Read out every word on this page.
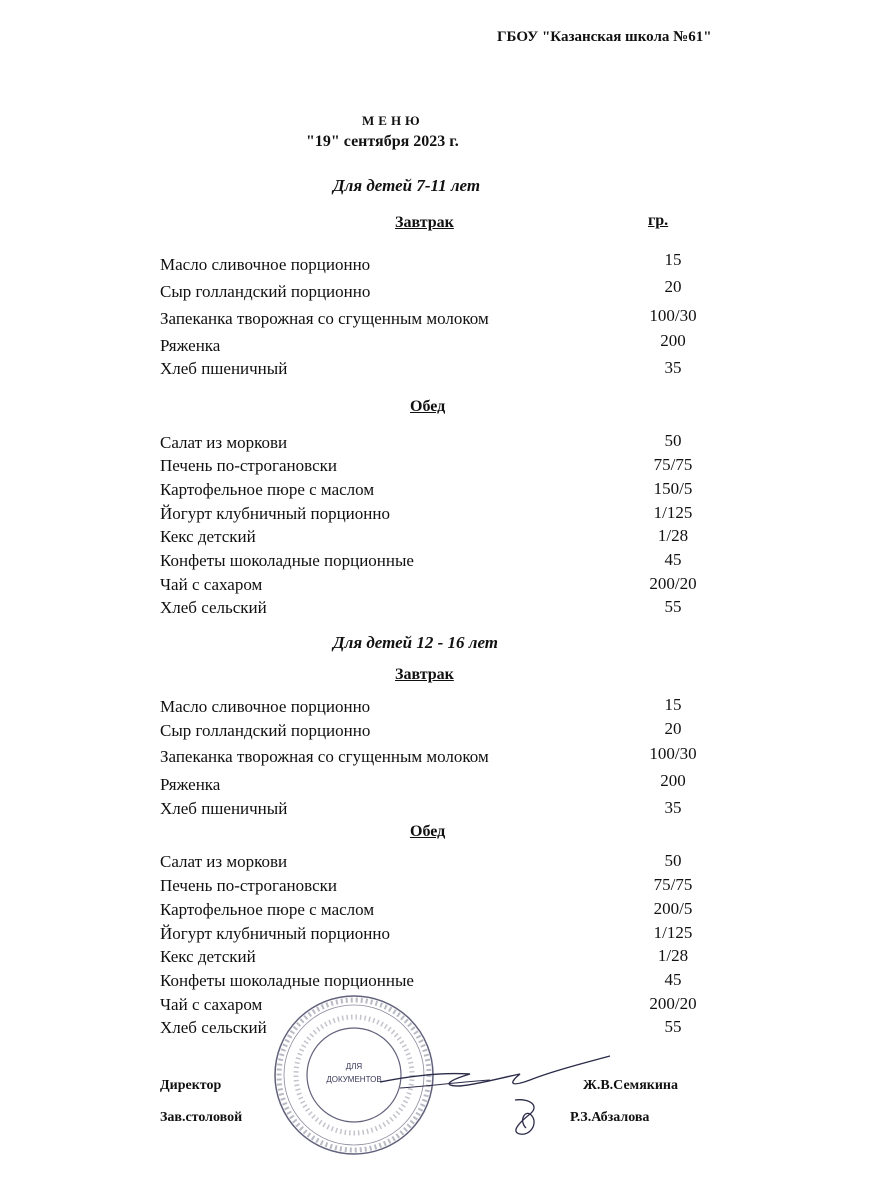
ГБОУ "Казанская школа №61"
МЕНЮ
"19" сентября 2023 г.
Для детей 7-11 лет
Завтрак	гр.
Масло сливочное порционно	15
Сыр голландский порционно	20
Запеканка творожная со сгущенным молоком	100/30
Ряженка	200
Хлеб пшеничный	35
Обед
Салат из моркови	50
Печень по-строгановски	75/75
Картофельное пюре с маслом	150/5
Йогурт клубничный порционно	1/125
Кекс детский	1/28
Конфеты шоколадные порционные	45
Чай с сахаром	200/20
Хлеб сельский	55
Для детей 12 - 16 лет
Завтрак
Масло сливочное порционно	15
Сыр голландский порционно	20
Запеканка творожная со сгущенным молоком	100/30
Ряженка	200
Хлеб пшеничный	35
Обед
Салат из моркови	50
Печень по-строгановски	75/75
Картофельное пюре с маслом	200/5
Йогурт клубничный порционно	1/125
Кекс детский	1/28
Конфеты шоколадные порционные	45
Чай с сахаром	200/20
Хлеб сельский	55
ДЛЯ
ДОКУМЕНТОВ
Директор	Ж.В.Семякина
Зав.столовой	Р.З.Абзалова
